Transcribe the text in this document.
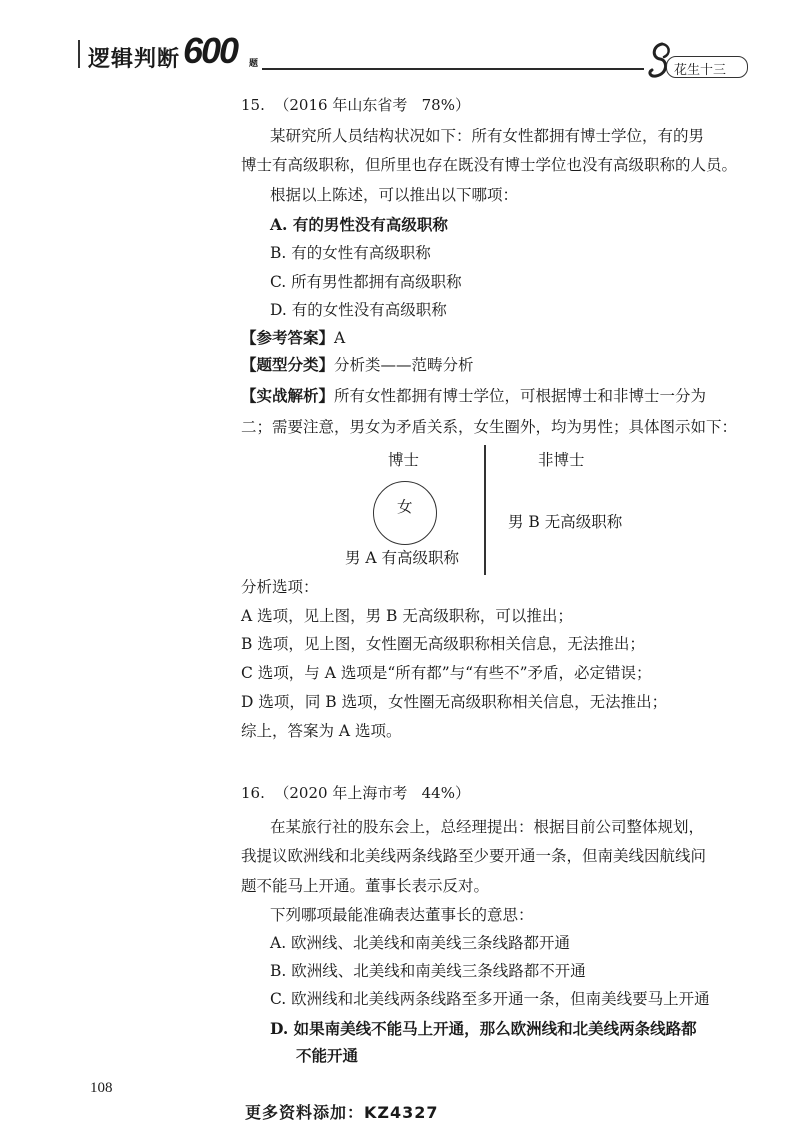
逻辑判断 600 题	花生十三
15.  （2016 年山东省考   78%）
某研究所人员结构状况如下：所有女性都拥有博士学位，有的男
博士有高级职称，但所里也存在既没有博士学位也没有高级职称的人员。
根据以上陈述，可以推出以下哪项：
A. 有的男性没有高级职称
B. 有的女性有高级职称
C. 所有男性都拥有高级职称
D. 有的女性没有高级职称
【参考答案】A
【题型分类】分析类——范畴分析
【实战解析】所有女性都拥有博士学位，可根据博士和非博士一分为
二；需要注意，男女为矛盾关系，女生圈外，均为男性；具体图示如下：
博士	非博士
女
男 A 有高级职称
男 B 无高级职称
分析选项：
A 选项，见上图，男 B 无高级职称，可以推出；
B 选项，见上图，女性圈无高级职称相关信息，无法推出；
C 选项，与 A 选项是“所有都”与“有些不”矛盾，必定错误；
D 选项，同 B 选项，女性圈无高级职称相关信息，无法推出；
综上，答案为 A 选项。
16.  （2020 年上海市考   44%）
在某旅行社的股东会上，总经理提出：根据目前公司整体规划，
我提议欧洲线和北美线两条线路至少要开通一条，但南美线因航线问
题不能马上开通。董事长表示反对。
下列哪项最能准确表达董事长的意思：
A. 欧洲线、北美线和南美线三条线路都开通
B. 欧洲线、北美线和南美线三条线路都不开通
C. 欧洲线和北美线两条线路至多开通一条，但南美线要马上开通
D. 如果南美线不能马上开通，那么欧洲线和北美线两条线路都
不能开通
108
更多资料添加：KZ4327
